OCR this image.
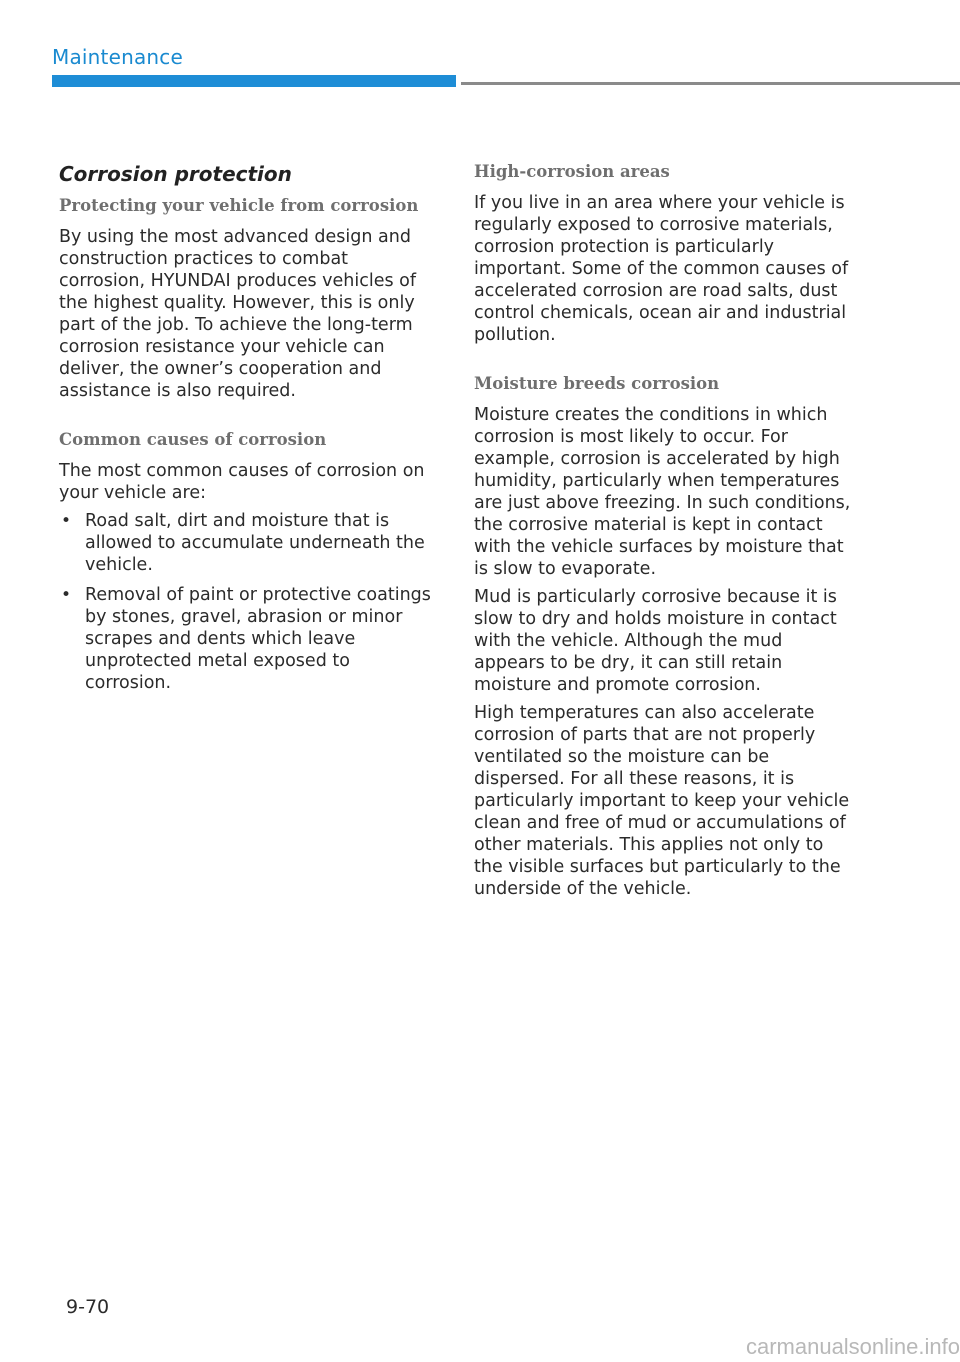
Maintenance
Corrosion protection
Protecting your vehicle from corrosion

By using the most advanced design and construction practices to combat corrosion, HYUNDAI produces vehicles of the highest quality. However, this is only part of the job. To achieve the long-term corrosion resistance your vehicle can deliver, the owner’s cooperation and assistance is also required.

Common causes of corrosion

The most common causes of corrosion on your vehicle are:

• Road salt, dirt and moisture that is allowed to accumulate underneath the vehicle.
• Removal of paint or protective coatings by stones, gravel, abrasion or minor scrapes and dents which leave unprotected metal exposed to corrosion.
High-corrosion areas

If you live in an area where your vehicle is regularly exposed to corrosive materials, corrosion protection is particularly important. Some of the common causes of accelerated corrosion are road salts, dust control chemicals, ocean air and industrial pollution.

Moisture breeds corrosion

Moisture creates the conditions in which corrosion is most likely to occur. For example, corrosion is accelerated by high humidity, particularly when temperatures are just above freezing. In such conditions, the corrosive material is kept in contact with the vehicle surfaces by moisture that is slow to evaporate.

Mud is particularly corrosive because it is slow to dry and holds moisture in contact with the vehicle. Although the mud appears to be dry, it can still retain moisture and promote corrosion.

High temperatures can also accelerate corrosion of parts that are not properly ventilated so the moisture can be dispersed. For all these reasons, it is particularly important to keep your vehicle clean and free of mud or accumulations of other materials. This applies not only to the visible surfaces but particularly to the underside of the vehicle.

9-70
carmanualsonline.info
